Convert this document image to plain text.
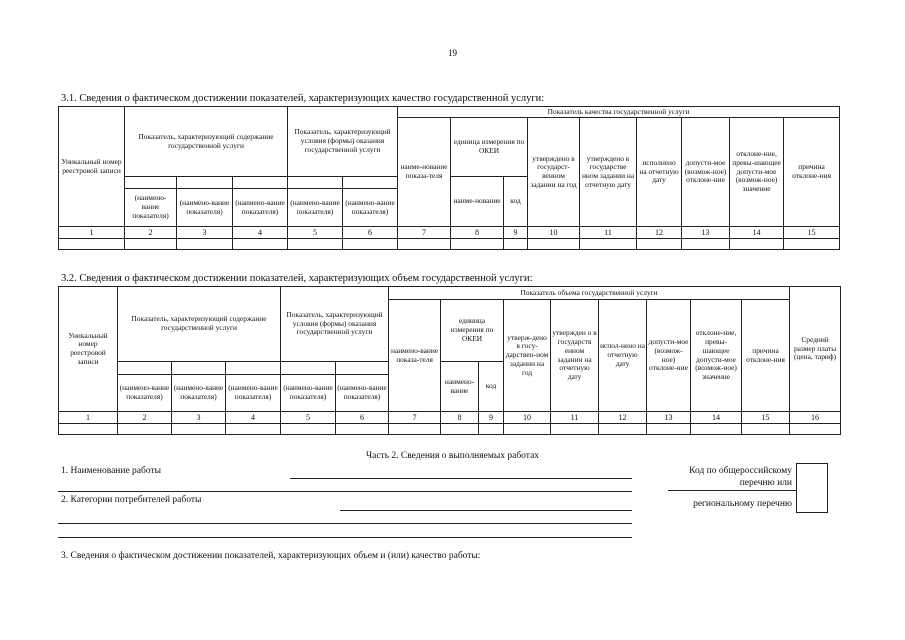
19
3.1. Сведения о фактическом достижении показателей, характеризующих качество государственной услуги:
Уникальный номер реестровой записи	Показатель, характеризующий содержание государственной услуги			Показатель, характеризующий условия (формы) оказания государственной услуги		Показатель качества государственной услуги								
						наиме-нование показа-теля	единица измерения по ОКЕИ		утверждено в государст-венном задании на год	утверждено в государстве нном задании на отчетную дату	исполнено на отчетную дату	допусти-мое (возмож-ное) отклоне-ние	отклоне-ние, превы-шающее допусти-мое (возмож-ное) значение	причина отклоне-ния
							наиме-нование	код						
	(наимено-вание показателя)	(наимено-вание показателя)	(наимено-вание показателя)	(наимено-вание показателя)	(наимено-вание показателя)									
1	2	3	4	5	6	7	8	9	10	11	12	13	14	15

3.2. Сведения о фактическом достижении показателей, характеризующих объем государственной услуги:
Уникальный номер реестровой записи	Показатель, характеризующий содержание государственной услуги			Показатель, характеризующий условия (формы) оказания государственной услуги		Показатель объема государственной услуги									Средний размер платы (цена, тариф)
						наимено-вание показа-теля	единица измерения по ОКЕИ		утверж-дено в госу-дарствен-ном задании на год	утвержден о в государств енном задании на отчетную дату	испол-нено на отчетную дату	допусти-мое (возмож-ное) отклоне-ние	отклоне-ние, превы-шающее допусти-мое (возмож-ное) значение	причина отклоне-ния	
							наимено-вание	код							
	(наимено-вание показателя)	(наимено-вание показателя)	(наимено-вание показателя)	(наимено-вание показателя)	(наимено-вание показателя)										
1	2	3	4	5	6	7	8	9	10	11	12	13	14	15	16

Часть 2. Сведения о выполняемых работах
1. Наименование работы
2. Категории потребителей работы
Код по общероссийскому
перечню или
региональному перечню
3. Сведения о фактическом достижении показателей, характеризующих объем и (или) качество работы:
